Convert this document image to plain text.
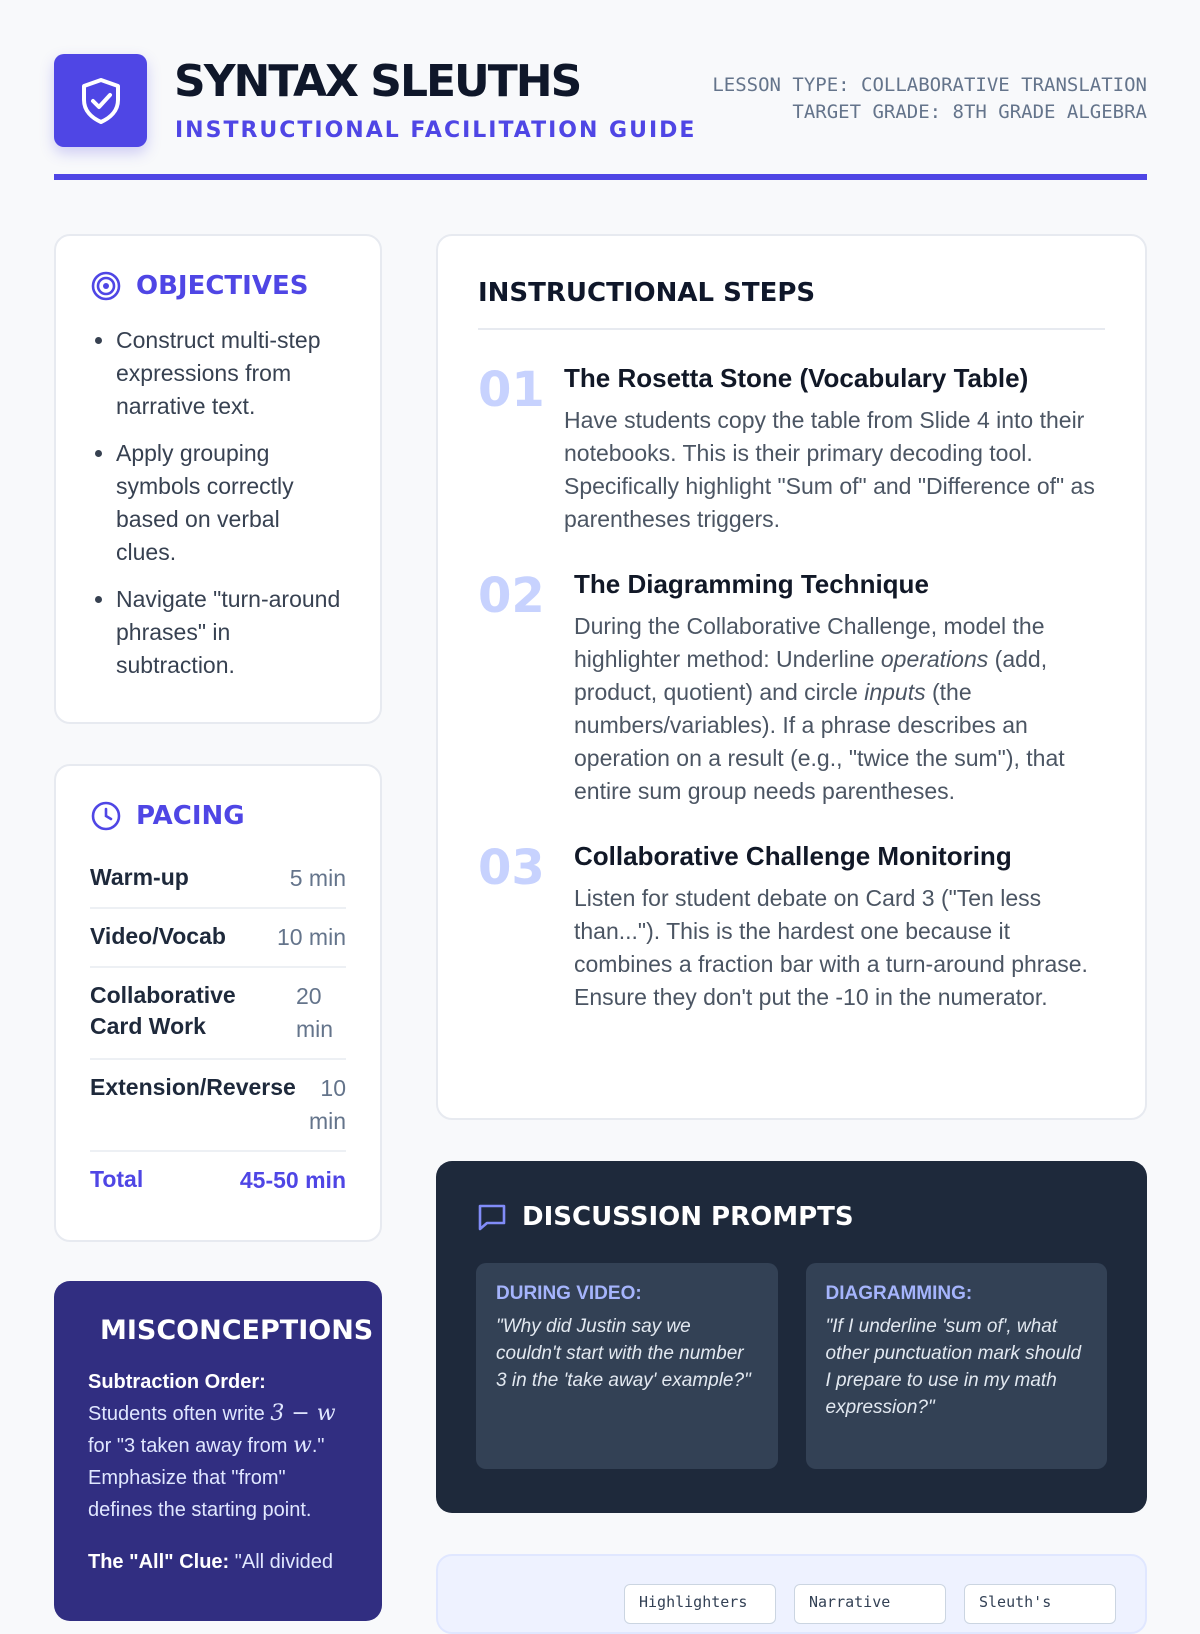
SYNTAX SLEUTHS
INSTRUCTIONAL FACILITATION GUIDE
LESSON TYPE: COLLABORATIVE TRANSLATION
TARGET GRADE: 8TH GRADE ALGEBRA
OBJECTIVES
• Construct multi-step expressions from narrative text.
• Apply grouping symbols correctly based on verbal clues.
• Navigate "turn-around phrases" in subtraction.
PACING
Warm-up	5 min
Video/Vocab 10 min
Collaborative Card Work
20 min
Extension/Reverse	10 min
Total	45-50 min
MISCONCEPTIONS
Subtraction Order:
Students often write 3 − w for "3 taken away from w." Emphasize that "from" defines the starting point.
The "All" Clue: "All divided
INSTRUCTIONAL STEPS
01 The Rosetta Stone (Vocabulary Table)
Have students copy the table from Slide 4 into their notebooks. This is their primary decoding tool. Specifically highlight "Sum of" and "Difference of" as parentheses triggers.
02	The Diagramming Technique
During the Collaborative Challenge, model the highlighter method: Underline operations (add, product, quotient) and circle inputs (the numbers/variables). If a phrase describes an operation on a result (e.g., "twice the sum"), that entire sum group needs parentheses.
03	Collaborative Challenge Monitoring
Listen for student debate on Card 3 ("Ten less than..."). This is the hardest one because it combines a fraction bar with a turn-around phrase. Ensure they don't put the -10 in the numerator.
DISCUSSION PROMPTS
DURING VIDEO:
"Why did Justin say we couldn't start with the number 3 in the 'take away' example?"
DIAGRAMMING:
"If I underline 'sum of', what other punctuation mark should I prepare to use in my math expression?"
Highlighters	Narrative	Sleuth's
